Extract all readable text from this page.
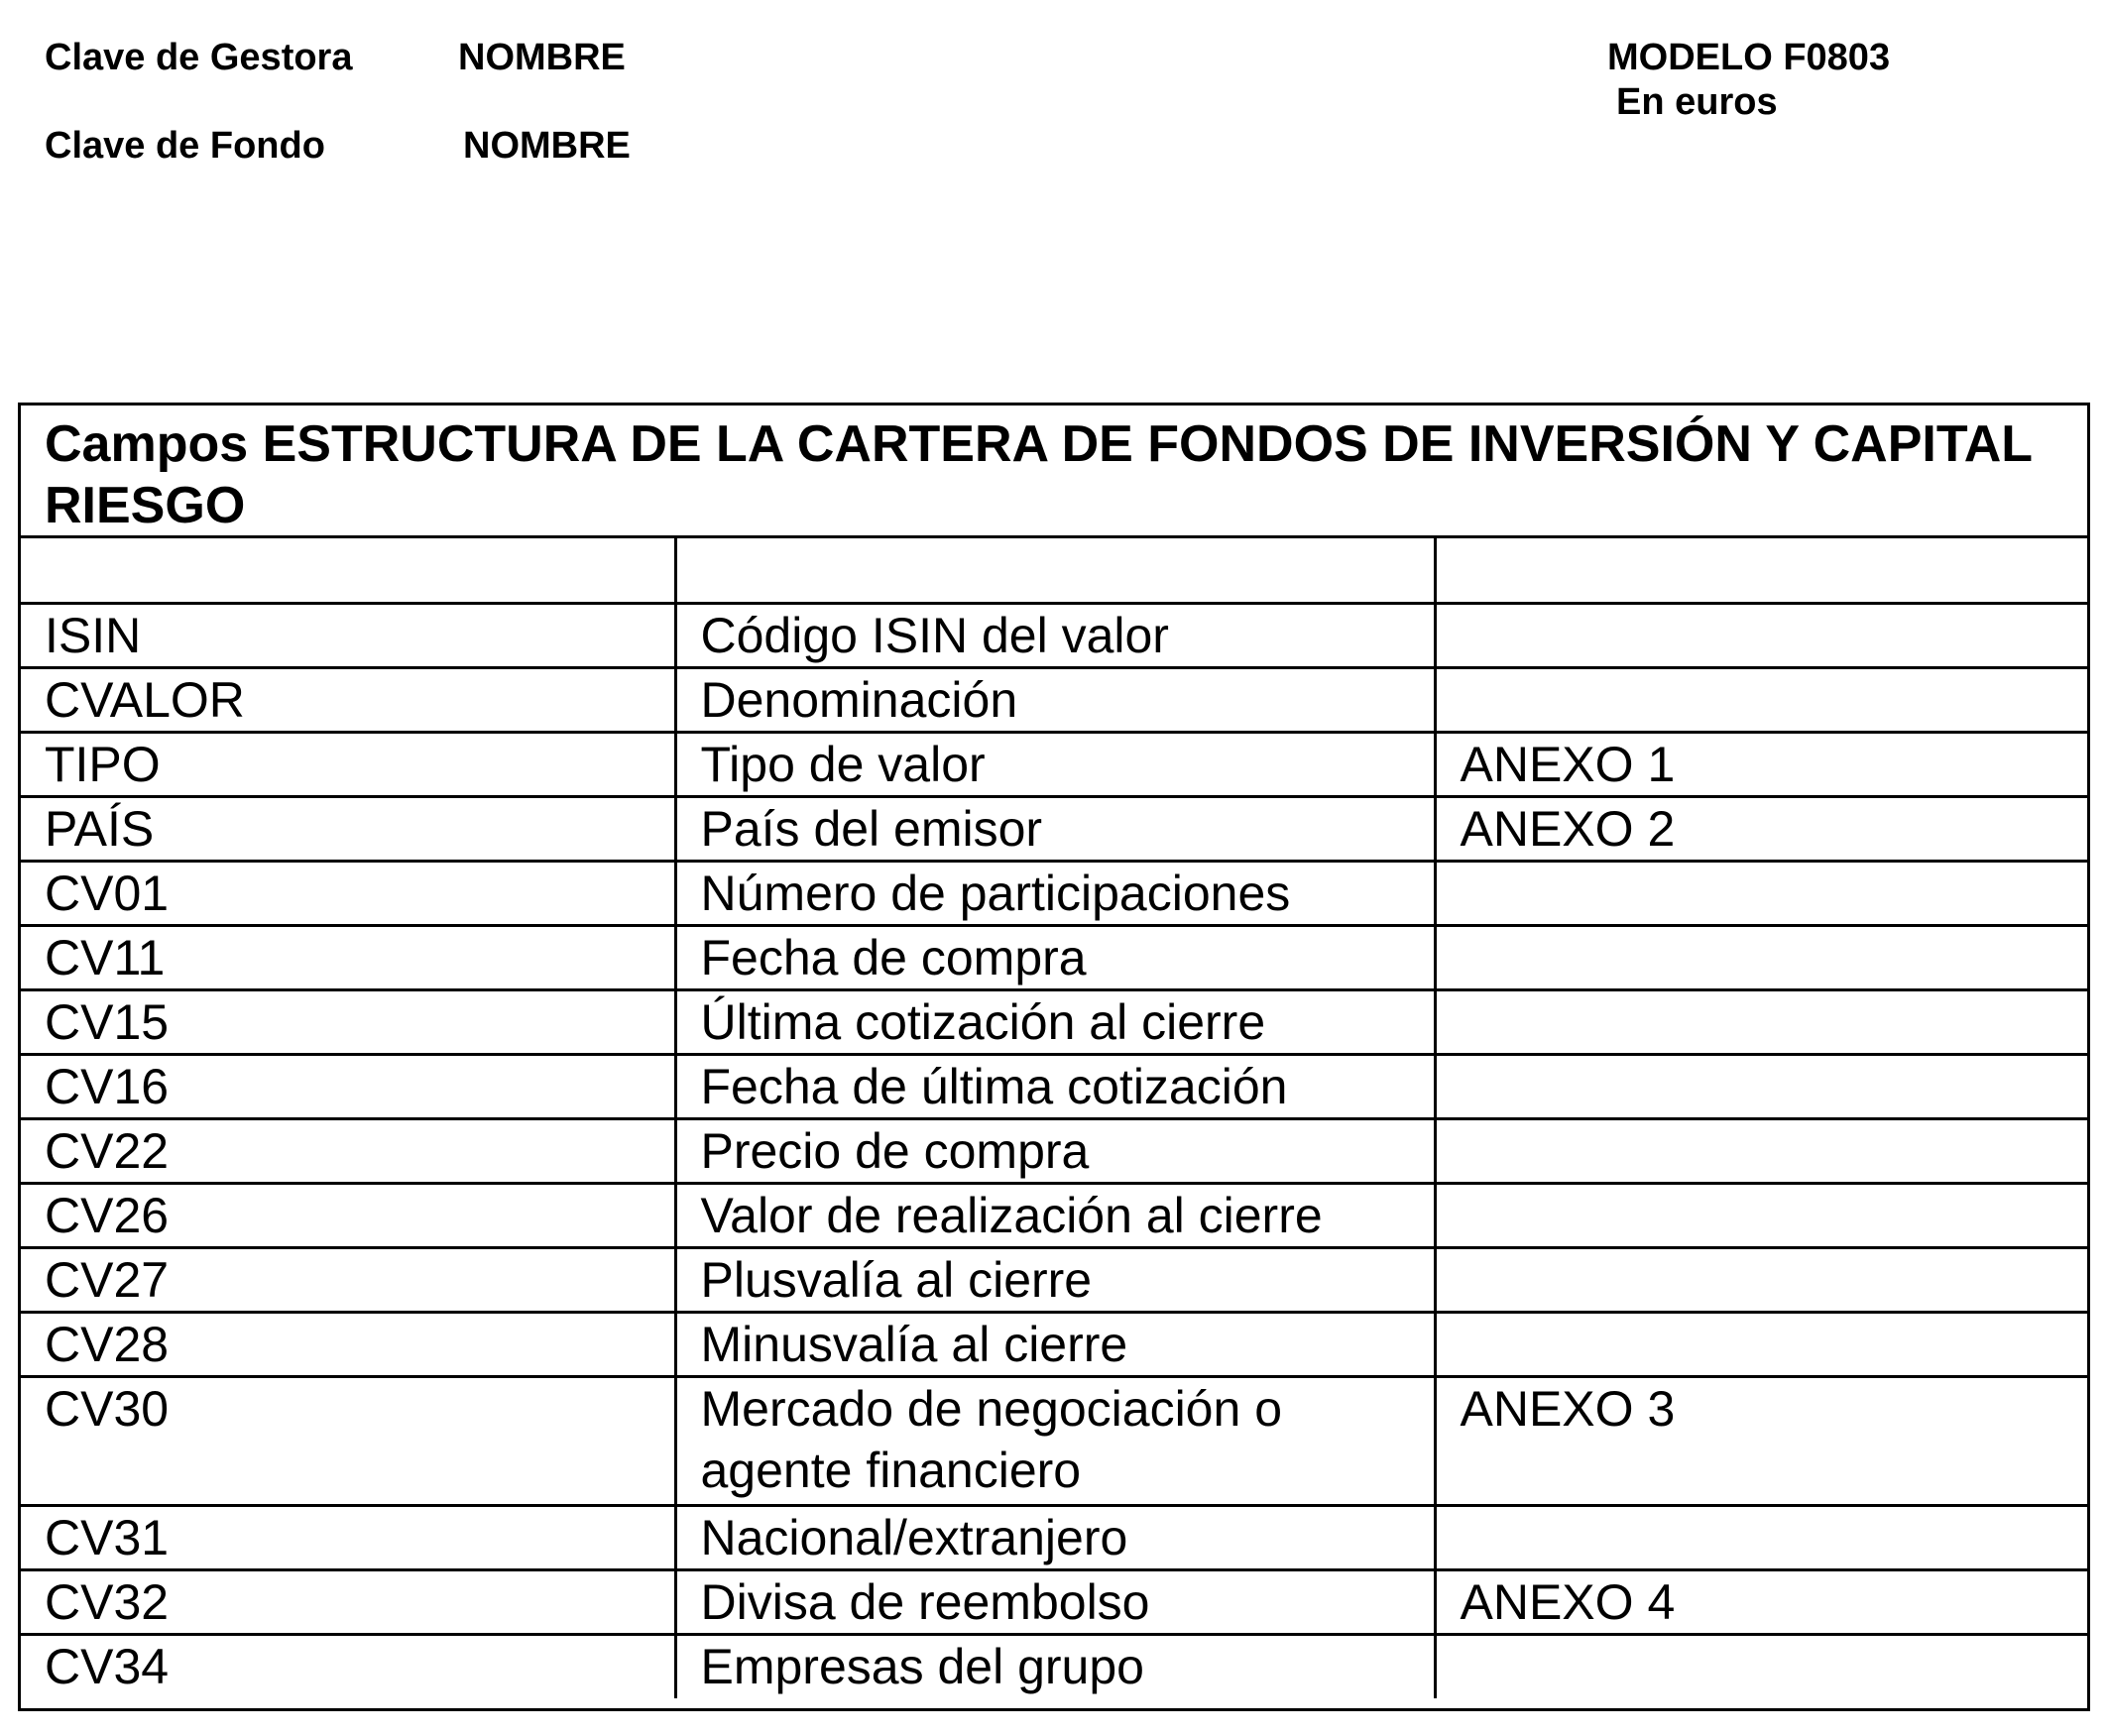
Clave de Gestora	NOMBRE
Clave de Fondo	NOMBRE
MODELO F0803
En euros
Campos ESTRUCTURA DE LA CARTERA DE FONDOS DE INVERSIÓN Y CAPITAL RIESGO

ISIN	Código ISIN del valor	
CVALOR	Denominación	
TIPO	Tipo de valor	ANEXO 1
PAÍS	País del emisor	ANEXO 2
CV01	Número de participaciones	
CV11	Fecha de compra	
CV15	Última cotización al cierre	
CV16	Fecha de última cotización	
CV22	Precio de compra	
CV26	Valor de realización al cierre	
CV27	Plusvalía al cierre	
CV28	Minusvalía al cierre	
CV30	Mercado de negociación o agente financiero	ANEXO 3
CV31	Nacional/extranjero	
CV32	Divisa de reembolso	ANEXO 4
CV34	Empresas del grupo	
